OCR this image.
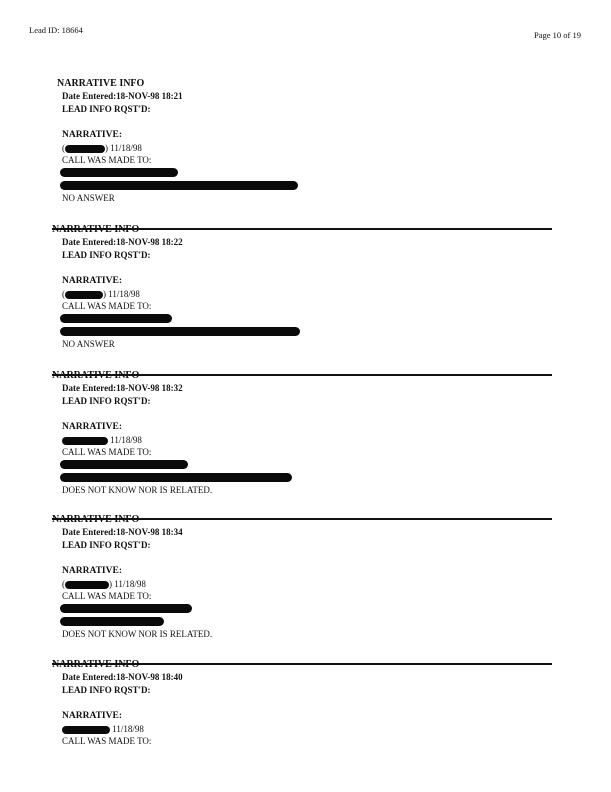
Lead ID: 18664	Page 10 of 19
NARRATIVE INFO
Date Entered:18-NOV-98 18:21
LEAD INFO RQST'D:
NARRATIVE:
(	) 11/18/98
CALL WAS MADE TO:
NO ANSWER
NARRATIVE INFO
Date Entered:18-NOV-98 18:22
LEAD INFO RQST'D:
NARRATIVE:
(	) 11/18/98
CALL WAS MADE TO:
NO ANSWER
NARRATIVE INFO
Date Entered:18-NOV-98 18:32
LEAD INFO RQST'D:
NARRATIVE:
11/18/98
CALL WAS MADE TO:
DOES NOT KNOW NOR IS RELATED.
NARRATIVE INFO
Date Entered:18-NOV-98 18:34
LEAD INFO RQST'D:
NARRATIVE:
(	) 11/18/98
CALL WAS MADE TO:
DOES NOT KNOW NOR IS RELATED.
NARRATIVE INFO
Date Entered:18-NOV-98 18:40
LEAD INFO RQST'D:
NARRATIVE:
11/18/98
CALL WAS MADE TO:
